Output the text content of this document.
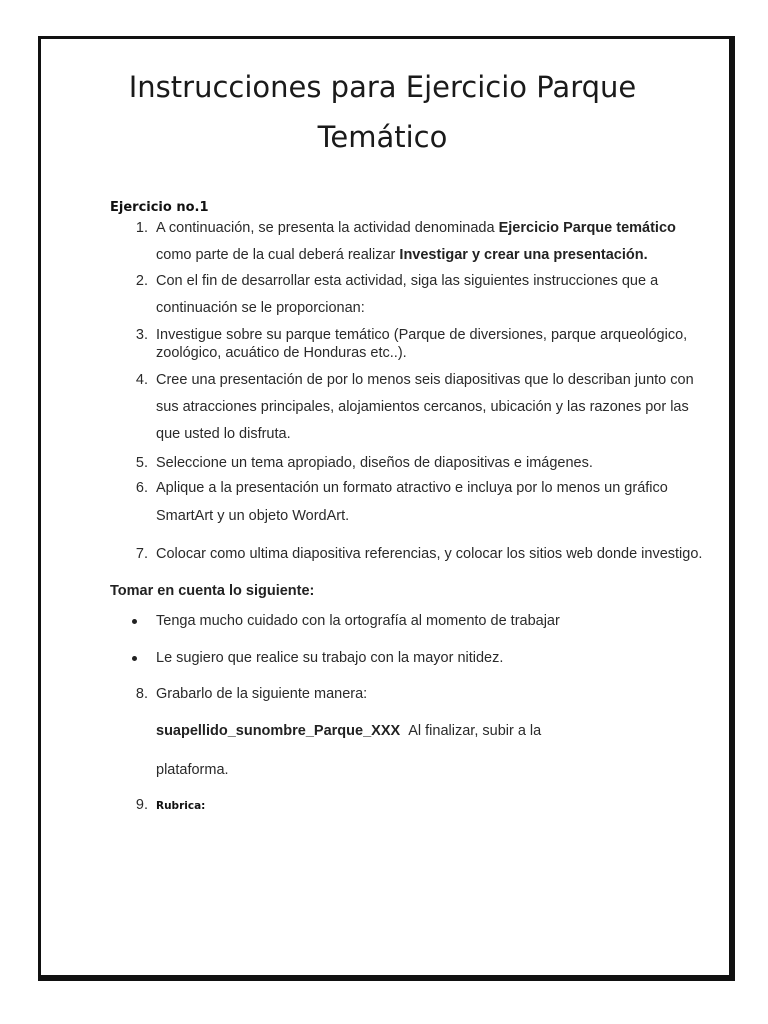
Instrucciones para Ejercicio Parque
Temático

Ejercicio no.1

1. A continuación, se presenta la actividad denominada Ejercicio Parque temático
como parte de la cual deberá realizar Investigar y crear una presentación.
2. Con el fin de desarrollar esta actividad, siga las siguientes instrucciones que a
continuación se le proporcionan:
3. Investigue sobre su parque temático (Parque de diversiones, parque arqueológico,
zoológico, acuático de Honduras etc..).
4. Cree una presentación de por lo menos seis diapositivas que lo describan junto con
sus atracciones principales, alojamientos cercanos, ubicación y las razones por las
que usted lo disfruta.
5. Seleccione un tema apropiado, diseños de diapositivas e imágenes.
6. Aplique a la presentación un formato atractivo e incluya por lo menos un gráfico
SmartArt y un objeto WordArt.
7. Colocar como ultima diapositiva referencias, y colocar los sitios web donde investigo.

Tomar en cuenta lo siguiente:

Tenga mucho cuidado con la ortografía al momento de trabajar
Le sugiero que realice su trabajo con la mayor nitidez.
8. Grabarlo de la siguiente manera:
suapellido_sunombre_Parque_XXX Al finalizar, subir a la
plataforma.
9. Rubrica:
